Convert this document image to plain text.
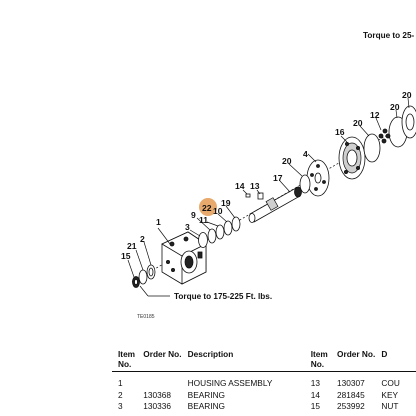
Torque to 25-
1
2
3
4
9 10
11
12
13
14
15
16
17
19
20
20
20
20
21
22
Torque to 175-225 Ft. lbs.
TE0185
Item No.	Order No.	Description	Item No.	Order No.	D

1		HOUSING ASSEMBLY	13	130307	COU
2	130368	BEARING	14	281845	KEY
3	130336	BEARING	15	253992	NUT
